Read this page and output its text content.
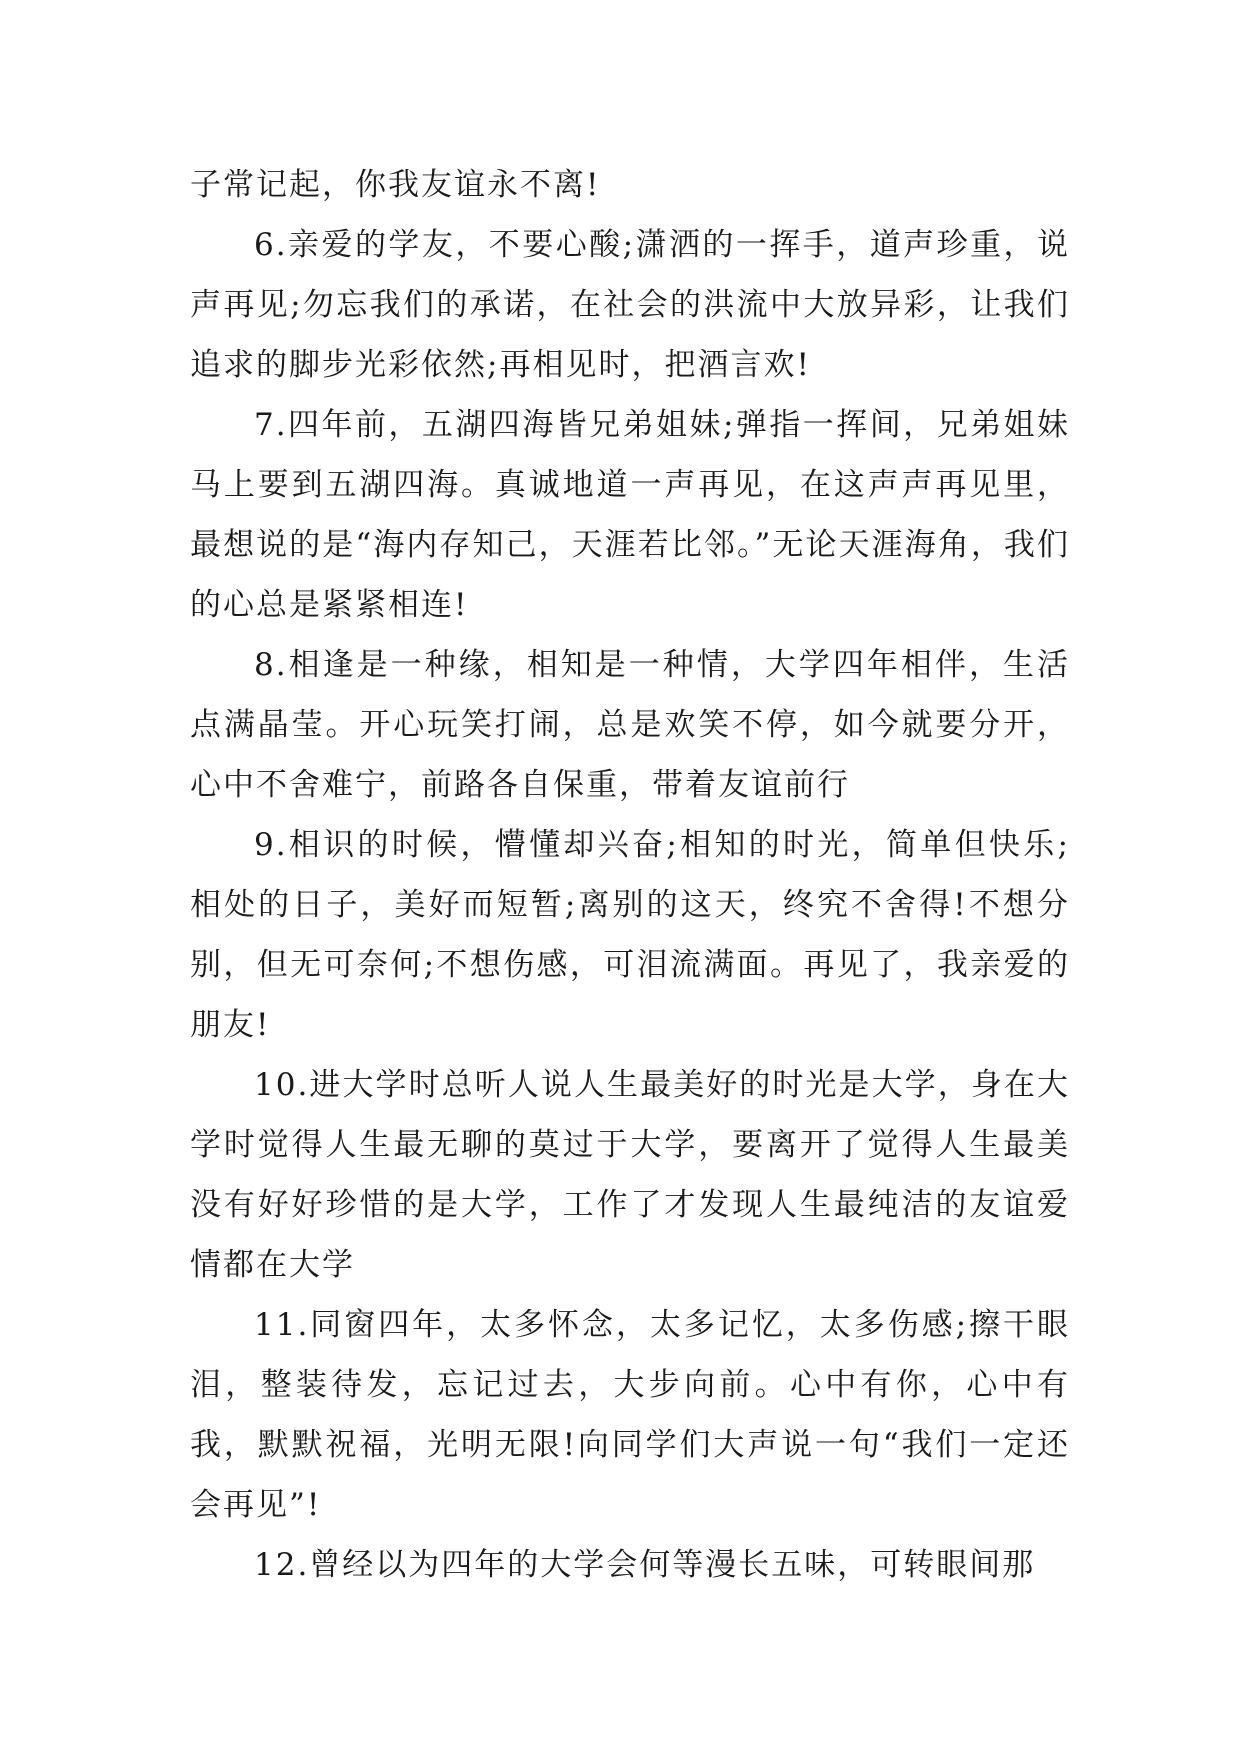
子常记起，你我友谊永不离!

6.亲爱的学友，不要心酸;潇洒的一挥手，道声珍重，说声再见;勿忘我们的承诺，在社会的洪流中大放异彩，让我们追求的脚步光彩依然;再相见时，把酒言欢!

7.四年前，五湖四海皆兄弟姐妹;弹指一挥间，兄弟姐妹马上要到五湖四海。真诚地道一声再见，在这声声再见里，最想说的是“海内存知己，天涯若比邻。”无论天涯海角，我们的心总是紧紧相连!

8.相逢是一种缘，相知是一种情，大学四年相伴，生活点满晶莹。开心玩笑打闹，总是欢笑不停，如今就要分开，心中不舍难宁，前路各自保重，带着友谊前行

9.相识的时候，懵懂却兴奋;相知的时光，简单但快乐;相处的日子，美好而短暂;离别的这天，终究不舍得!不想分别，但无可奈何;不想伤感，可泪流满面。再见了，我亲爱的朋友!

10.进大学时总听人说人生最美好的时光是大学，身在大学时觉得人生最无聊的莫过于大学，要离开了觉得人生最美没有好好珍惜的是大学，工作了才发现人生最纯洁的友谊爱情都在大学

11.同窗四年，太多怀念，太多记忆，太多伤感;擦干眼泪，整装待发，忘记过去，大步向前。心中有你，心中有我，默默祝福，光明无限!向同学们大声说一句“我们一定还会再见”!

12.曾经以为四年的大学会何等漫长五味，可转眼间那
